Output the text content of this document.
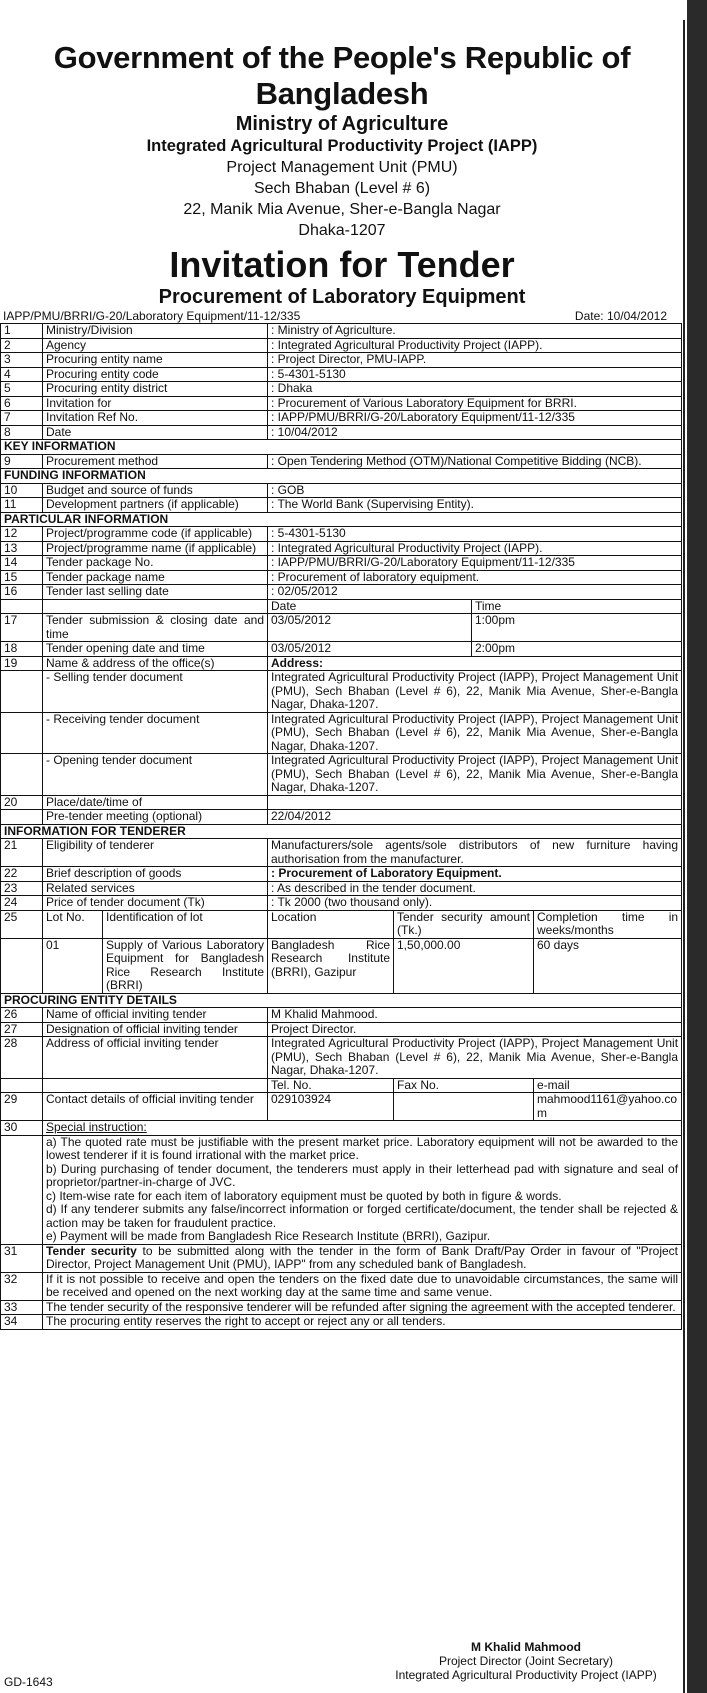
Government of the People's Republic of Bangladesh
Ministry of Agriculture
Integrated Agricultural Productivity Project (IAPP)
Project Management Unit (PMU)
Sech Bhaban (Level # 6)
22, Manik Mia Avenue, Sher-e-Bangla Nagar
Dhaka-1207
Invitation for Tender
Procurement of Laboratory Equipment
IAPP/PMU/BRRI/G-20/Laboratory Equipment/11-12/335	Date: 10/04/2012
1	Ministry/Division		: Ministry of Agriculture.			
2	Agency		: Integrated Agricultural Productivity Project (IAPP).			
3	Procuring entity name		: Project Director, PMU-IAPP.			
4	Procuring entity code		: 5-4301-5130			
5	Procuring entity district		: Dhaka			
6	Invitation for		: Procurement of Various Laboratory Equipment for BRRI.			
7	Invitation Ref No.		: IAPP/PMU/BRRI/G-20/Laboratory Equipment/11-12/335			
8	Date		: 10/04/2012			
KEY INFORMATION						
9	Procurement method		: Open Tendering Method (OTM)/National Competitive Bidding (NCB).			
FUNDING INFORMATION						
10	Budget and source of funds		: GOB			
11	Development partners (if applicable)		: The World Bank (Supervising Entity).			
PARTICULAR INFORMATION						
12	Project/programme code (if applicable)		: 5-4301-5130			
13	Project/programme name (if applicable)		: Integrated Agricultural Productivity Project (IAPP).			
14	Tender package No.		: IAPP/PMU/BRRI/G-20/Laboratory Equipment/11-12/335			
15	Tender package name		: Procurement of laboratory equipment.			
16	Tender last selling date		: 02/05/2012			
			Date		Time	
17	Tender submission & closing date and time		03/05/2012		1:00pm	
18	Tender opening date and time		03/05/2012		2:00pm	
19	Name & address of the office(s)		Address:			
	- Selling tender document		Integrated Agricultural Productivity Project (IAPP), Project Management Unit (PMU), Sech Bhaban (Level # 6), 22, Manik Mia Avenue, Sher-e-Bangla Nagar, Dhaka-1207.			
	- Receiving tender document		Integrated Agricultural Productivity Project (IAPP), Project Management Unit (PMU), Sech Bhaban (Level # 6), 22, Manik Mia Avenue, Sher-e-Bangla Nagar, Dhaka-1207.			
	- Opening tender document		Integrated Agricultural Productivity Project (IAPP), Project Management Unit (PMU), Sech Bhaban (Level # 6), 22, Manik Mia Avenue, Sher-e-Bangla Nagar, Dhaka-1207.			
20	Place/date/time of					
	Pre-tender meeting (optional)		22/04/2012			
INFORMATION FOR TENDERER						
21	Eligibility of tenderer		Manufacturers/sole agents/sole distributors of new furniture having authorisation from the manufacturer.			
22	Brief description of goods		: Procurement of Laboratory Equipment.			
23	Related services		: As described in the tender document.			
24	Price of tender document (Tk)		: Tk 2000 (two thousand only).			
25	Lot No.	Identification of lot	Location	Tender security amount (Tk.)		Completion time in weeks/months
	01	Supply of Various Laboratory Equipment for Bangladesh Rice Research Institute (BRRI)	Bangladesh Rice Research Institute (BRRI), Gazipur	1,50,000.00		60 days
PROCURING ENTITY DETAILS						
26	Name of official inviting tender		M Khalid Mahmood.			
27	Designation of official inviting tender		Project Director.			
28	Address of official inviting tender		Integrated Agricultural Productivity Project (IAPP), Project Management Unit (PMU), Sech Bhaban (Level # 6), 22, Manik Mia Avenue, Sher-e-Bangla Nagar, Dhaka-1207.			
			Tel. No.	Fax No.		e-mail
29	Contact details of official inviting tender		029103924			mahmood1161@yahoo.com
30	Special instruction:					

	a) The quoted rate must be justifiable with the present market price. Laboratory equipment will not be awarded to the lowest tenderer if it is found irrational with the market price.
b) During purchasing of tender document, the tenderers must apply in their letterhead pad with signature and seal of proprietor/partner-in-charge of JVC.
c) Item-wise rate for each item of laboratory equipment must be quoted by both in figure & words.
d) If any tenderer submits any false/incorrect information or forged certificate/document, the tender shall be rejected & action may be taken for fraudulent practice.
e) Payment will be made from Bangladesh Rice Research Institute (BRRI), Gazipur.					

31	Tender security to be submitted along with the tender in the form of Bank Draft/Pay Order in favour of "Project Director, Project Management Unit (PMU), IAPP" from any scheduled bank of Bangladesh.					
32	If it is not possible to receive and open the tenders on the fixed date due to unavoidable circumstances, the same will be received and opened on the next working day at the same time and same venue.					
33	The tender security of the responsive tenderer will be refunded after signing the agreement with the accepted tenderer.					
34	The procuring entity reserves the right to accept or reject any or all tenders.					
GD-1643
M Khalid Mahmood
Project Director (Joint Secretary)
Integrated Agricultural Productivity Project (IAPP)
